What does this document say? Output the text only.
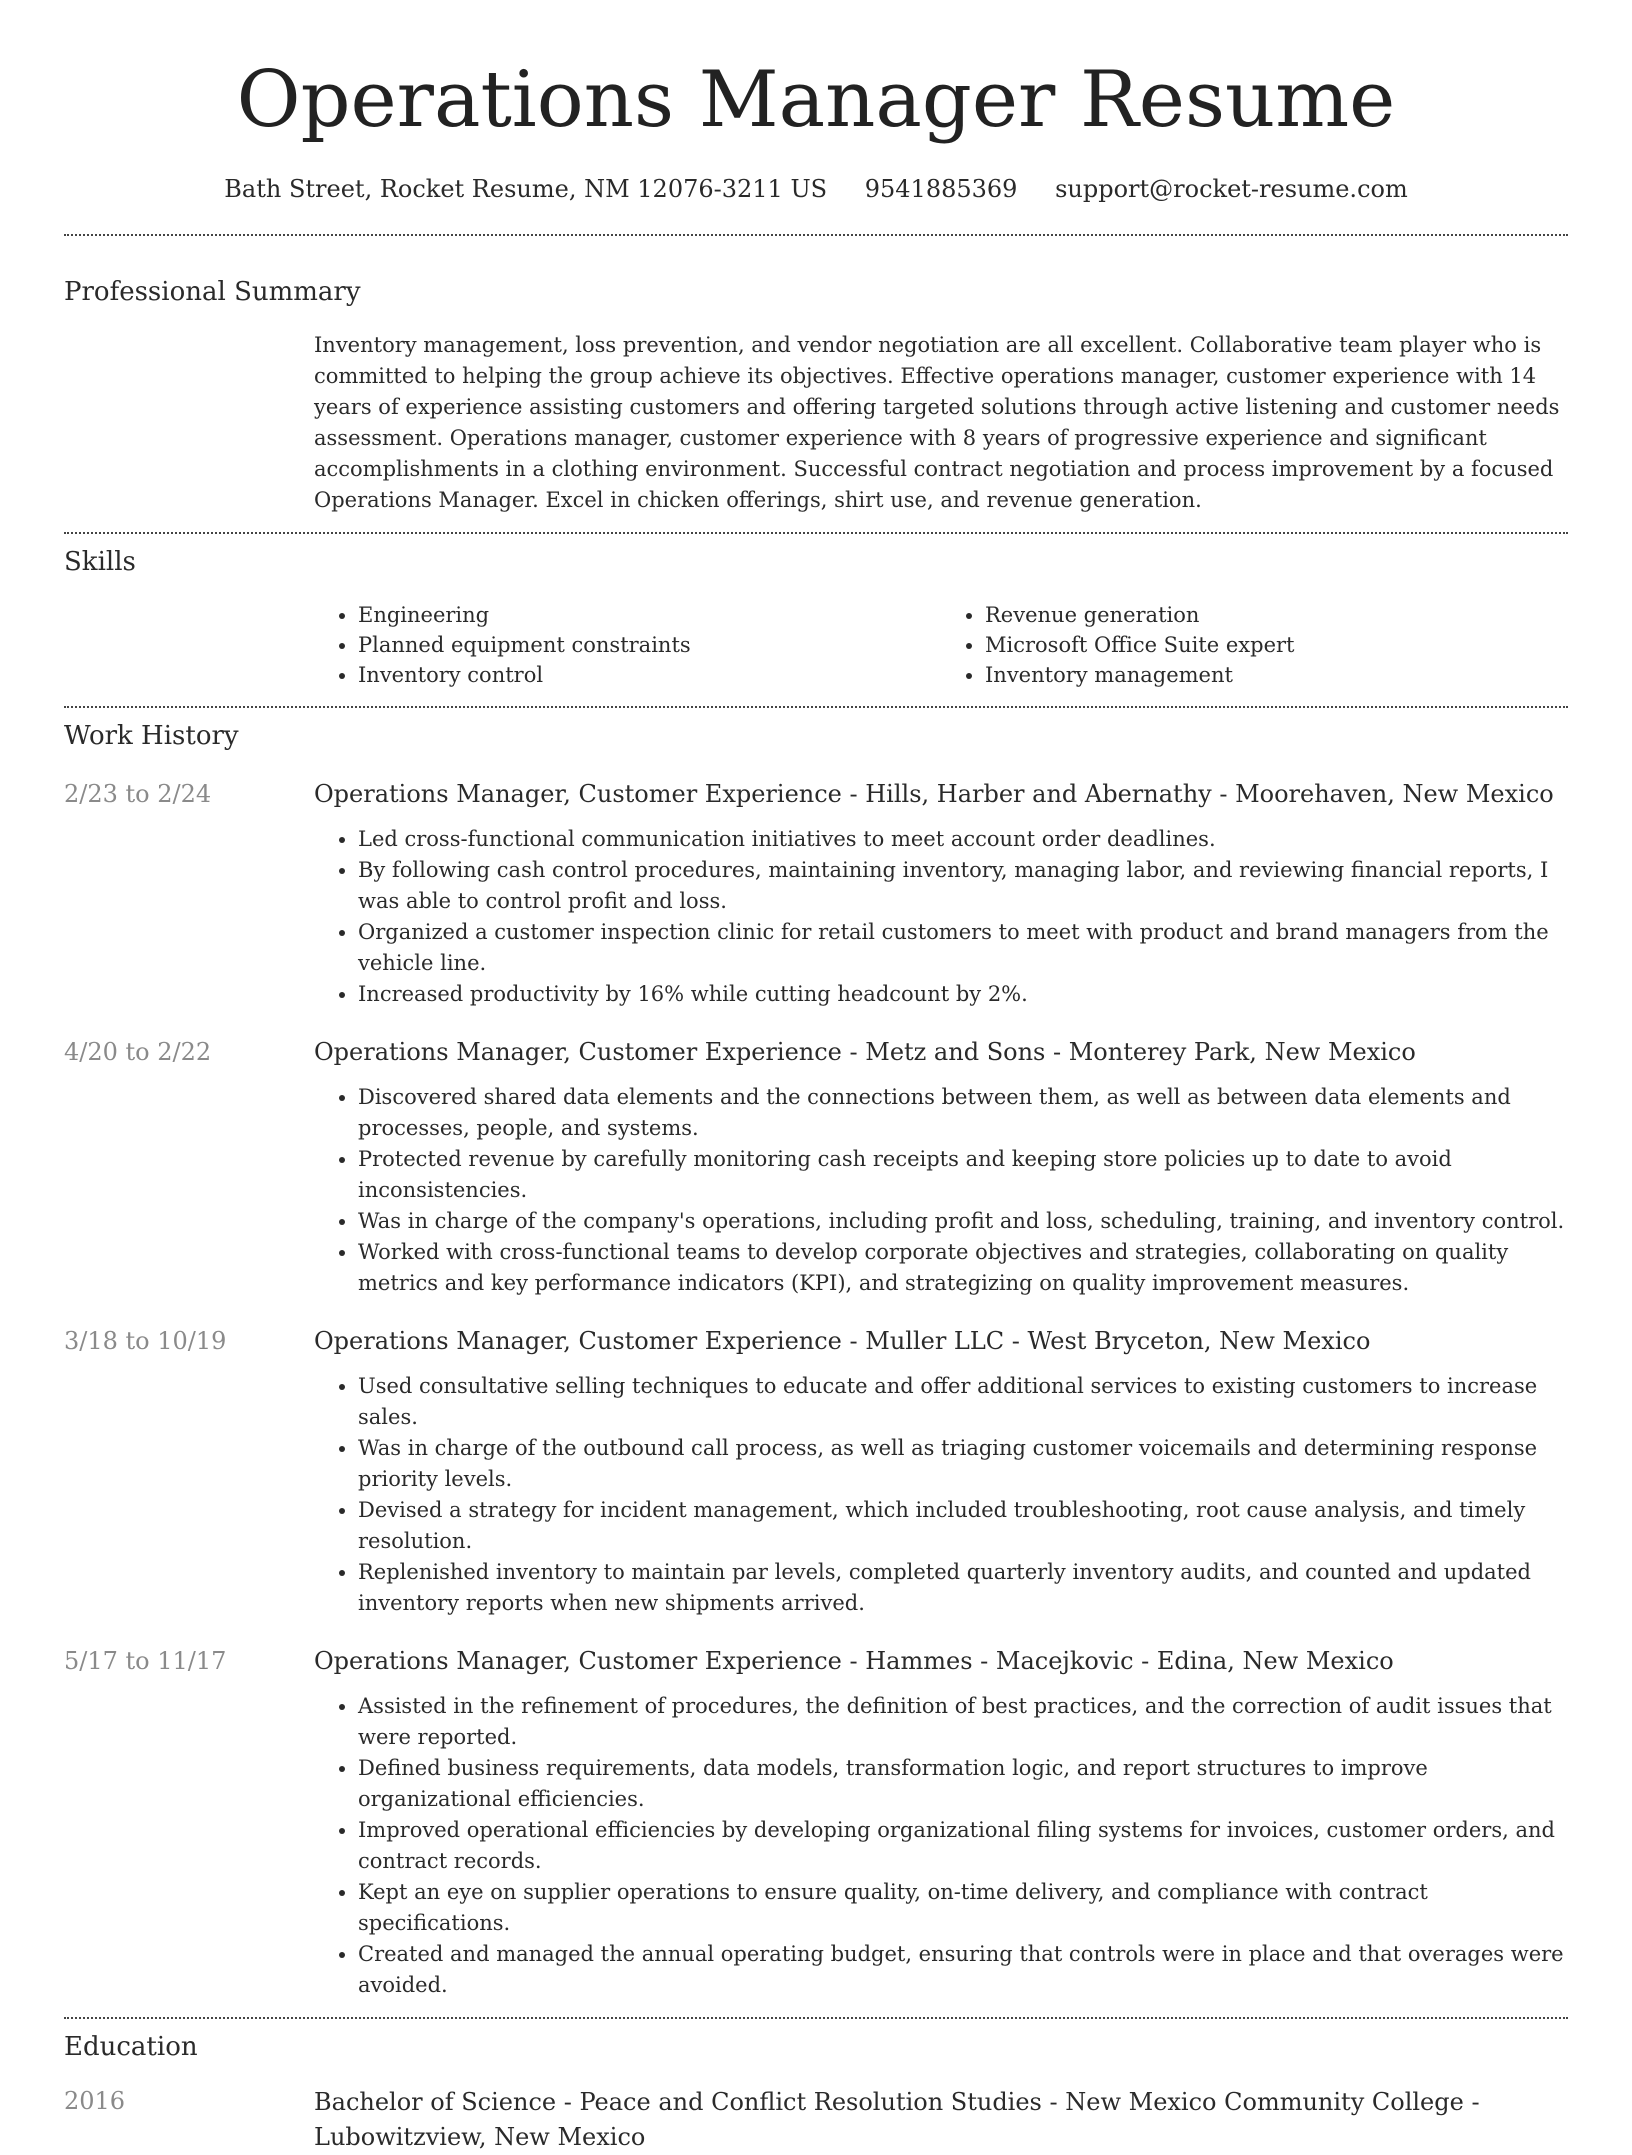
Operations Manager Resume
Bath Street, Rocket Resume, NM 12076-3211 US 9541885369 support@rocket-resume.com
Professional Summary

Inventory management, loss prevention, and vendor negotiation are all excellent. Collaborative team player who is committed to helping the group achieve its objectives. Effective operations manager, customer experience with 14 years of experience assisting customers and offering targeted solutions through active listening and customer needs assessment. Operations manager, customer experience with 8 years of progressive experience and significant accomplishments in a clothing environment. Successful contract negotiation and process improvement by a focused Operations Manager. Excel in chicken offerings, shirt use, and revenue generation.

Skills
• Engineering
• Planned equipment constraints
• Inventory control
• Revenue generation
• Microsoft Office Suite expert
• Inventory management
Work History
2/23 to 2/24	Operations Manager, Customer Experience - Hills, Harber and Abernathy - Moorehaven, New Mexico
• Led cross-functional communication initiatives to meet account order deadlines.
• By following cash control procedures, maintaining inventory, managing labor, and reviewing financial reports, I was able to control profit and loss.
• Organized a customer inspection clinic for retail customers to meet with product and brand managers from the vehicle line.
• Increased productivity by 16% while cutting headcount by 2%.
4/20 to 2/22	Operations Manager, Customer Experience - Metz and Sons - Monterey Park, New Mexico
• Discovered shared data elements and the connections between them, as well as between data elements and processes, people, and systems.
• Protected revenue by carefully monitoring cash receipts and keeping store policies up to date to avoid inconsistencies.
• Was in charge of the company's operations, including profit and loss, scheduling, training, and inventory control.
• Worked with cross-functional teams to develop corporate objectives and strategies, collaborating on quality metrics and key performance indicators (KPI), and strategizing on quality improvement measures.
3/18 to 10/19	Operations Manager, Customer Experience - Muller LLC - West Bryceton, New Mexico
• Used consultative selling techniques to educate and offer additional services to existing customers to increase sales.
• Was in charge of the outbound call process, as well as triaging customer voicemails and determining response priority levels.
• Devised a strategy for incident management, which included troubleshooting, root cause analysis, and timely resolution.
• Replenished inventory to maintain par levels, completed quarterly inventory audits, and counted and updated inventory reports when new shipments arrived.
5/17 to 11/17	Operations Manager, Customer Experience - Hammes - Macejkovic - Edina, New Mexico
• Assisted in the refinement of procedures, the definition of best practices, and the correction of audit issues that were reported.
• Defined business requirements, data models, transformation logic, and report structures to improve organizational efficiencies.
• Improved operational efficiencies by developing organizational filing systems for invoices, customer orders, and contract records.
• Kept an eye on supplier operations to ensure quality, on-time delivery, and compliance with contract specifications.
• Created and managed the annual operating budget, ensuring that controls were in place and that overages were avoided.
Education
2016	Bachelor of Science - Peace and Conflict Resolution Studies - New Mexico Community College - Lubowitzview, New Mexico
